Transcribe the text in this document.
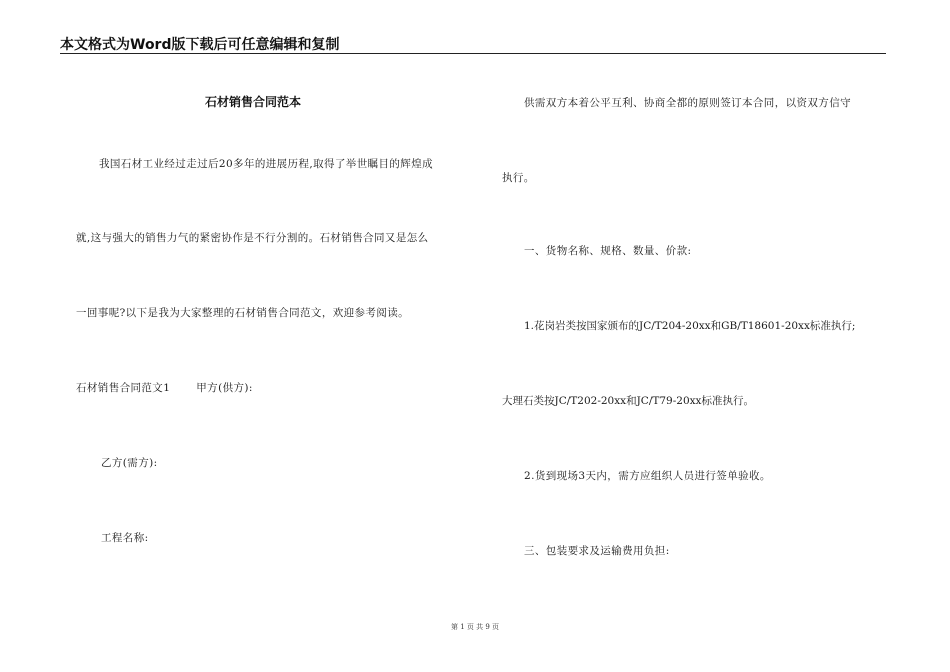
本文格式为Word版下载后可任意编辑和复制
石材销售合同范本
我国石材工业经过走过后20多年的进展历程,取得了举世瞩目的辉煌成
就,这与强大的销售力气的紧密协作是不行分割的。石材销售合同又是怎么
一回事呢?以下是我为大家整理的石材销售合同范文，欢迎参考阅读。
石材销售合同范文1 甲方(供方):
乙方(需方):
工程名称:
供需双方本着公平互利、协商全都的原则签订本合同，以资双方信守
执行。
一、货物名称、规格、数量、价款:
1.花岗岩类按国家颁布的JC/T204-20xx和GB/T18601-20xx标准执行;
大理石类按JC/T202-20xx和JC/T79-20xx标准执行。
2.货到现场3天内，需方应组织人员进行签单验收。
三、包装要求及运输费用负担:
第 1 页 共 9 页
